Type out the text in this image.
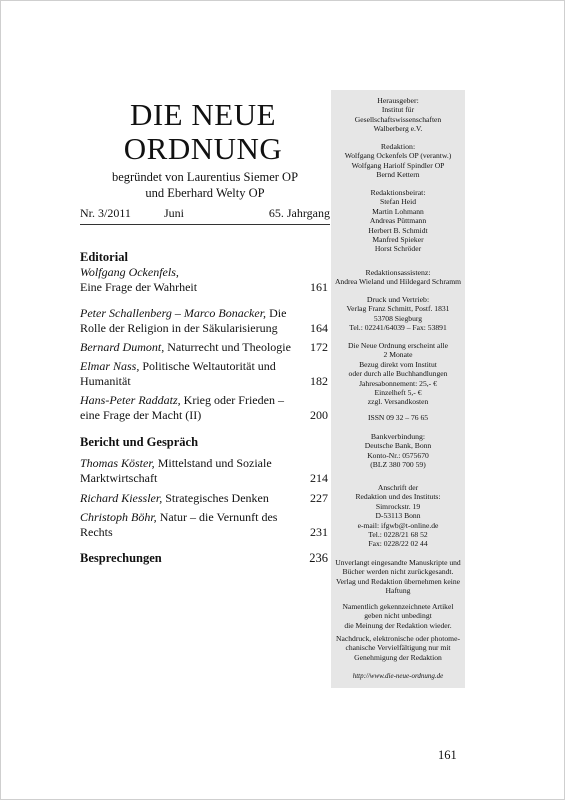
DIE NEUE
ORDNUNG
begründet von Laurentius Siemer OP
und Eberhard Welty OP
Nr. 3/2011	Juni	65. Jahrgang
Editorial
Wolfgang Ockenfels,
Eine Frage der Wahrheit	161
Peter Schallenberg – Marco Bonacker, Die
Rolle der Religion in der Säkularisierung	164
Bernard Dumont, Naturrecht und Theologie	172
Elmar Nass, Politische Weltautorität und
Humanität	182
Hans-Peter Raddatz, Krieg oder Frieden –
eine Frage der Macht (II)	200
Bericht und Gespräch
Thomas Köster, Mittelstand und Soziale
Marktwirtschaft	214
Richard Kiessler, Strategisches Denken	227
Christoph Böhr, Natur – die Vernunft des
Rechts	231
Besprechungen	236
Herausgeber:
Institut für
Gesellschaftswissenschaften
Walberberg e.V.
Redaktion:
Wolfgang Ockenfels OP (verantw.)
Wolfgang Hariolf Spindler OP
Bernd Kettern
Redaktionsbeirat:
Stefan Heid
Martin Lohmann
Andreas Püttmann
Herbert B. Schmidt
Manfred Spieker
Horst Schröder
Redaktionsassistenz:
Andrea Wieland und Hildegard Schramm
Druck und Vertrieb:
Verlag Franz Schmitt, Postf. 1831
53708 Siegburg
Tel.: 02241/64039 – Fax: 53891
Die Neue Ordnung erscheint alle
2 Monate
Bezug direkt vom Institut
oder durch alle Buchhandlungen
Jahresabonnement: 25,- €
Einzelheft 5,- €
zzgl. Versandkosten
ISSN 09 32 – 76 65
Bankverbindung:
Deutsche Bank, Bonn
Konto-Nr.: 0575670
(BLZ 380 700 59)
Anschrift der
Redaktion und des Instituts:
Simrockstr. 19
D-53113 Bonn
e-mail: ifgwb@t-online.de
Tel.: 0228/21 68 52
Fax: 0228/22 02 44
Unverlangt eingesandte Manuskripte und
Bücher werden nicht zurückgesandt.
Verlag und Redaktion übernehmen keine
Haftung
Namentlich gekennzeichnete Artikel
geben nicht unbedingt
die Meinung der Redaktion wieder.
Nachdruck, elektronische oder photome-
chanische Vervielfältigung nur mit
Genehmigung der Redaktion
http://www.die-neue-ordnung.de
161
